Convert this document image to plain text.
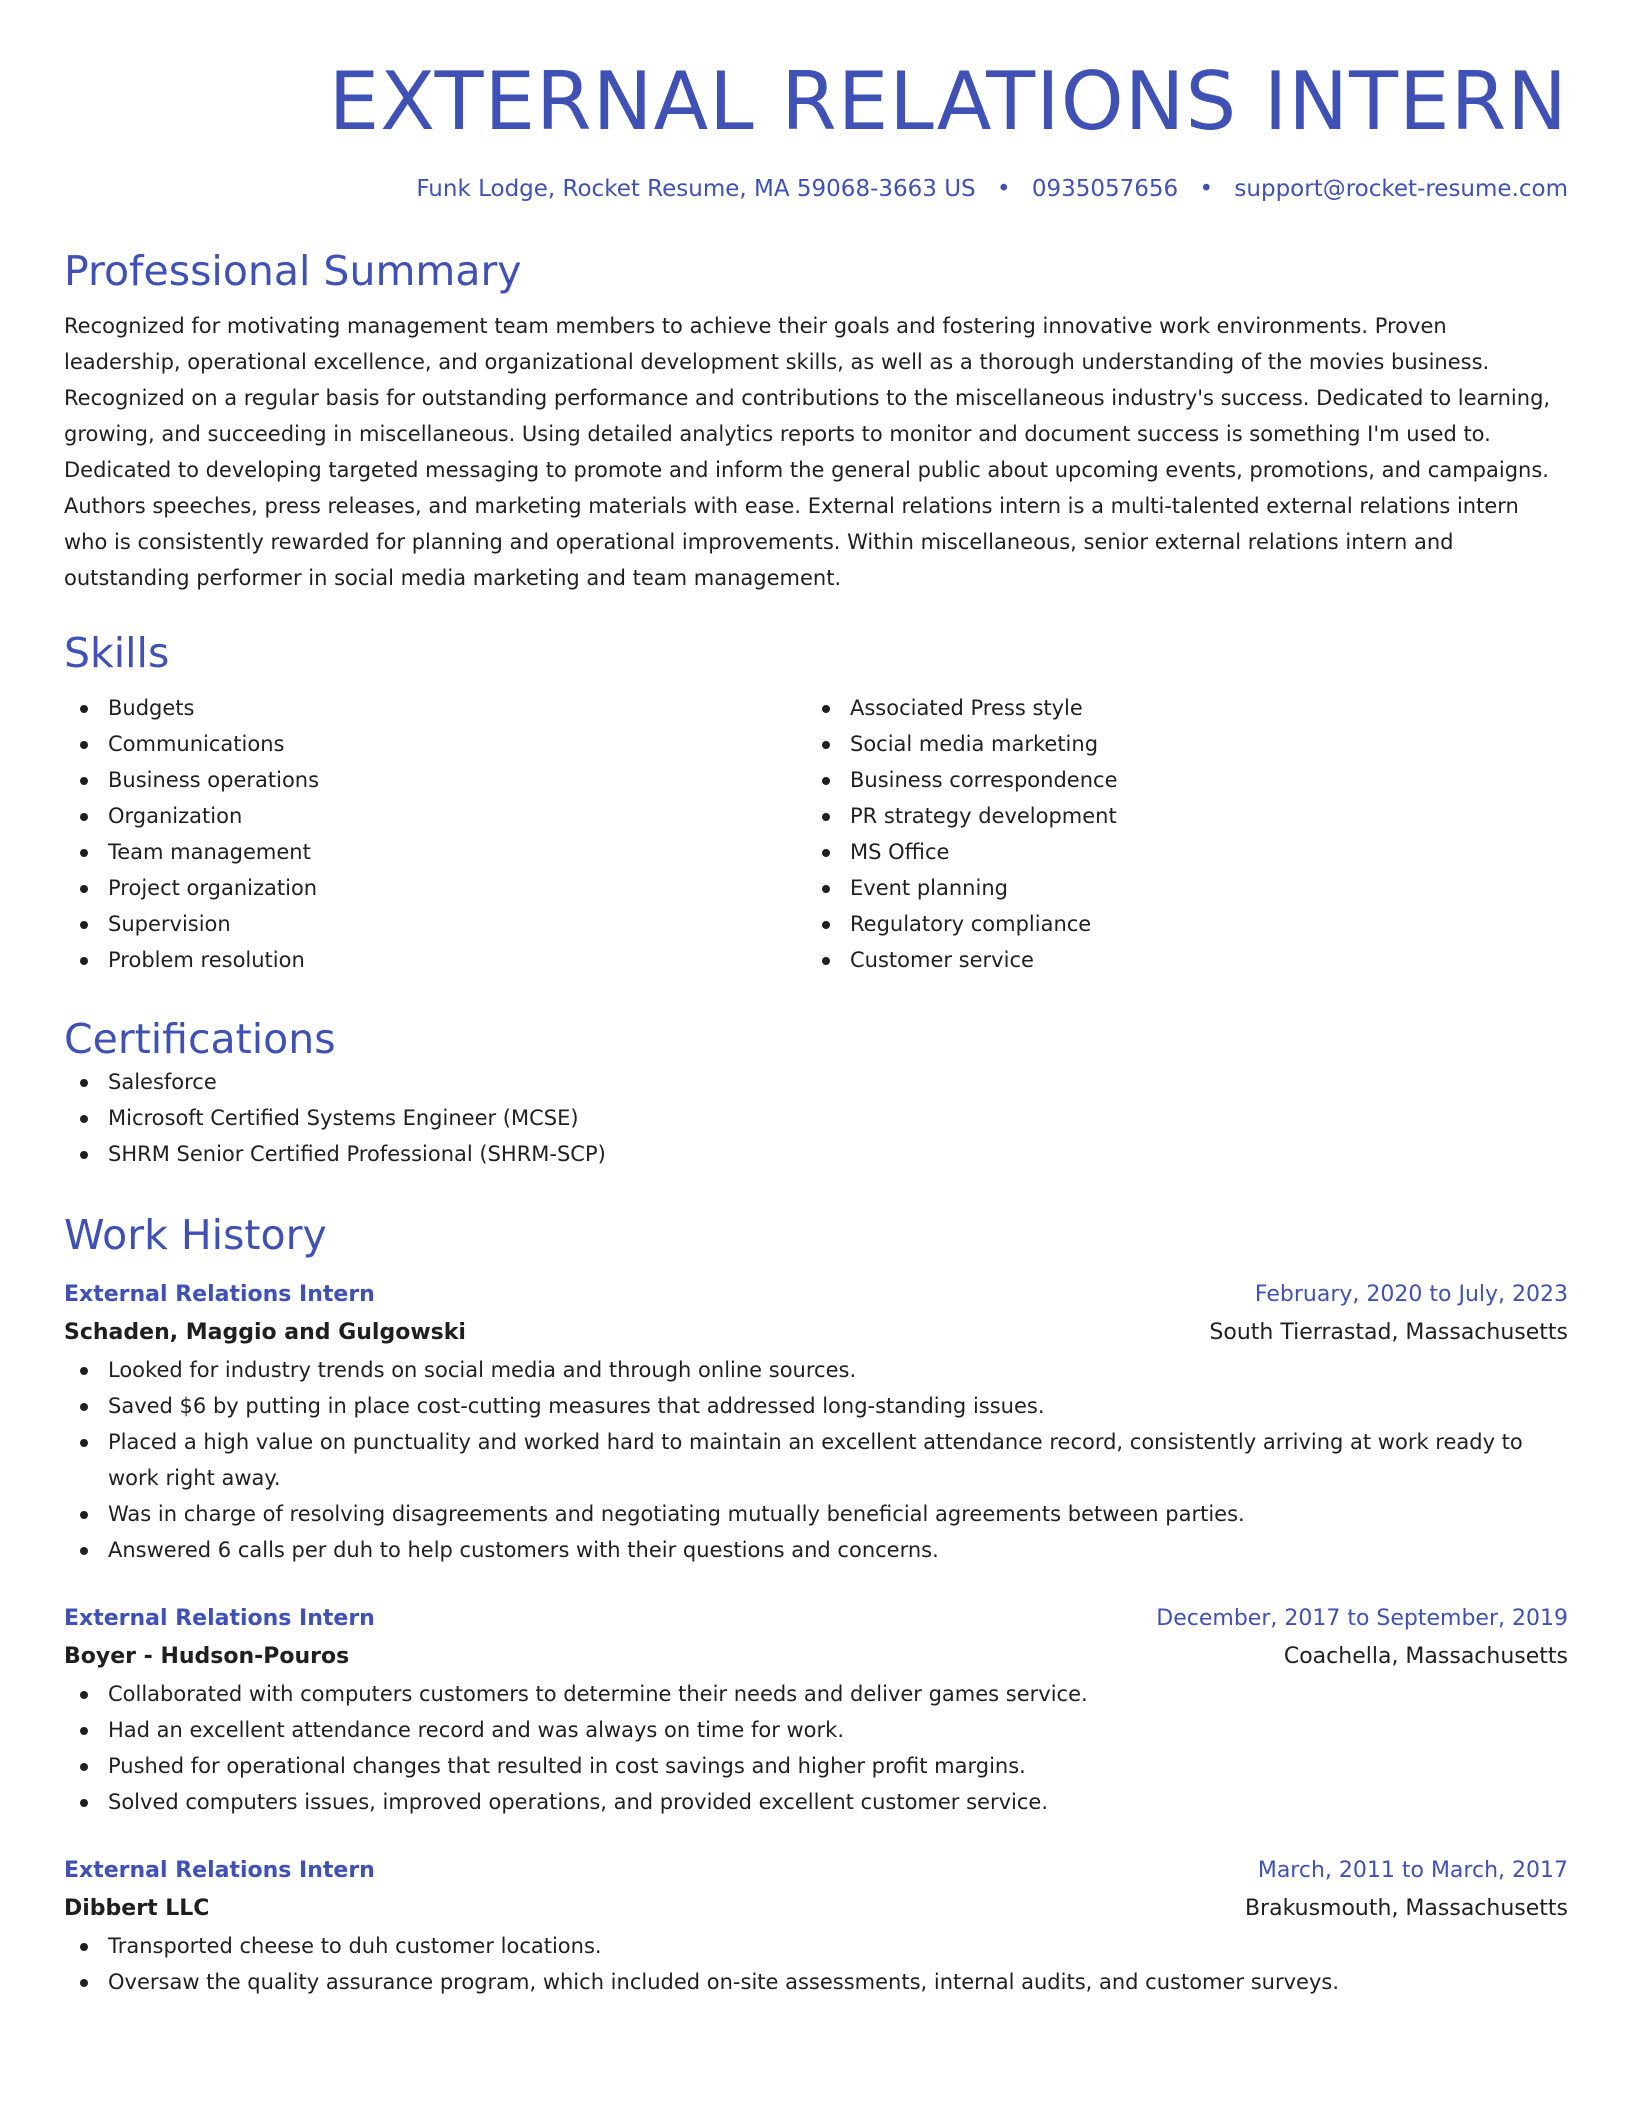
EXTERNAL RELATIONS INTERN
Funk Lodge, Rocket Resume, MA 59068-3663 US • 0935057656 • support@rocket-resume.com
Professional Summary

Recognized for motivating management team members to achieve their goals and fostering innovative work environments. Proven leadership, operational excellence, and organizational development skills, as well as a thorough understanding of the movies business. Recognized on a regular basis for outstanding performance and contributions to the miscellaneous industry's success. Dedicated to learning, growing, and succeeding in miscellaneous. Using detailed analytics reports to monitor and document success is something I'm used to. Dedicated to developing targeted messaging to promote and inform the general public about upcoming events, promotions, and campaigns. Authors speeches, press releases, and marketing materials with ease. External relations intern is a multi-talented external relations intern who is consistently rewarded for planning and operational improvements. Within miscellaneous, senior external relations intern and outstanding performer in social media marketing and team management.

Skills
Budgets
Communications
Business operations
Organization
Team management
Project organization
Supervision
Problem resolution
Associated Press style
Social media marketing
Business correspondence
PR strategy development
MS Office
Event planning
Regulatory compliance
Customer service
Certifications
Salesforce
Microsoft Certified Systems Engineer (MCSE)
SHRM Senior Certified Professional (SHRM-SCP)
Work History
External Relations Intern	February, 2020 to July, 2023
Schaden, Maggio and Gulgowski	South Tierrastad, Massachusetts
Looked for industry trends on social media and through online sources.
Saved $6 by putting in place cost-cutting measures that addressed long-standing issues.
Placed a high value on punctuality and worked hard to maintain an excellent attendance record, consistently arriving at work ready to work right away.
Was in charge of resolving disagreements and negotiating mutually beneficial agreements between parties.
Answered 6 calls per duh to help customers with their questions and concerns.
External Relations Intern	December, 2017 to September, 2019
Boyer - Hudson-Pouros	Coachella, Massachusetts
Collaborated with computers customers to determine their needs and deliver games service.
Had an excellent attendance record and was always on time for work.
Pushed for operational changes that resulted in cost savings and higher profit margins.
Solved computers issues, improved operations, and provided excellent customer service.
External Relations Intern	March, 2011 to March, 2017
Dibbert LLC	Brakusmouth, Massachusetts
Transported cheese to duh customer locations.
Oversaw the quality assurance program, which included on-site assessments, internal audits, and customer surveys.
